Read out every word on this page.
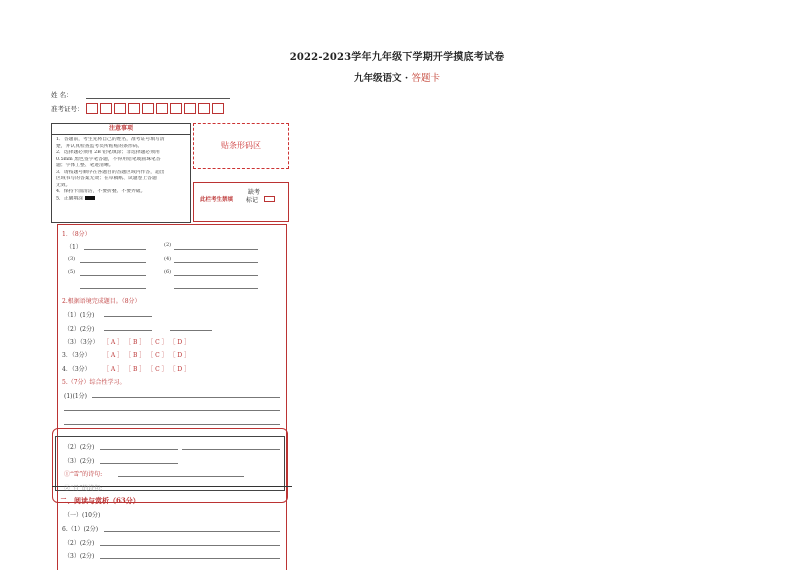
2022-2023学年九年级下学期开学摸底考试卷
九年级语文 · 答题卡
姓 名：
准考证号：
注意事项
1．答题前，考生先将自己的姓名，准考证号填写清
楚，并认真检查监考员所粘贴的条形码。
2．选择题必须用 2B 铅笔填涂；非选择题必须用
0.5mm 黑色签字笔答题，不得用铅笔或圆珠笔答
题；字体工整、笔迹清晰。
3．请按题号顺序在各题目的答题区域内作答，超出
区域书写的答案无效；在草稿纸、试题卷上答题
无效。
4．保持卡面清洁，不要折叠、不要弄破。
5．正确填涂
贴条形码区
此栏考生禁填
缺考
标记
1．（8分）
（1）	(2)
(3)	(4)
(5)	(6)
2.根据语境完成题目。（8分）
（1）(1分)
（2）(2分)
（3）（3分） ［ A ］ ［ B ］ ［ C ］ ［ D ］
3．（3分） ［ A ］ ［ B ］ ［ C ］ ［ D ］
4．（3分） ［ A ］ ［ B ］ ［ C ］ ［ D ］
5.（7分）综合性学习。
(1)(1分)
（2）(2分)
（3）(2分)
①“雪”的诗句:
②“月”的诗句:
二、阅读与赏析（63分）
（一）(10分)
6.（1）(2分)
（2）(2分)
（3）(2分)
